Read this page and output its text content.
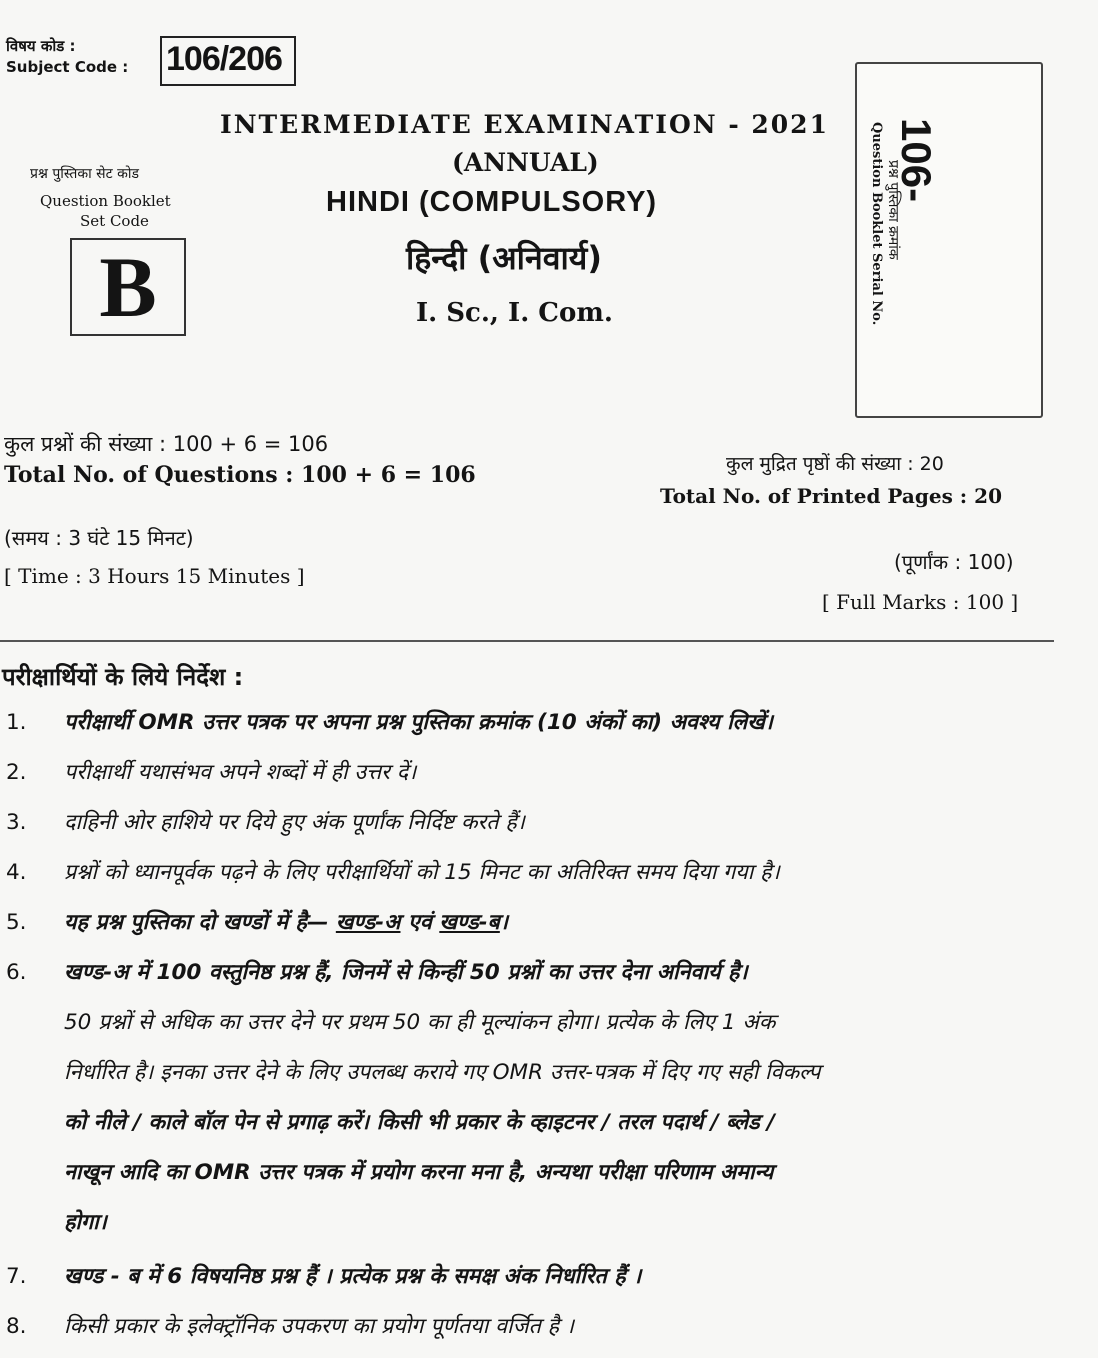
विषय कोड :
Subject Code : 106/206
INTERMEDIATE EXAMINATION - 2021
(ANNUAL)
HINDI (COMPULSORY)
हिन्दी (अनिवार्य)
I. Sc., I. Com.
प्रश्न पुस्तिका सेट कोड
Question Booklet
Set Code
B
106-
प्रश्न पुस्तिका क्रमांक
Question Booklet Serial No.
कुल प्रश्नों की संख्या : 100 + 6 = 106
Total No. of Questions : 100 + 6 = 106	कुल मुद्रित पृष्ठों की संख्या : 20
Total No. of Printed Pages : 20
(समय : 3 घंटे 15 मिनट)
[ Time : 3 Hours 15 Minutes ]
(पूर्णांक : 100)
[ Full Marks : 100 ]
परीक्षार्थियों के लिये निर्देश :
1. परीक्षार्थी OMR उत्तर पत्रक पर अपना प्रश्न पुस्तिका क्रमांक (10 अंकों का) अवश्य लिखें।
2. परीक्षार्थी यथासंभव अपने शब्दों में ही उत्तर दें।
3. दाहिनी ओर हाशिये पर दिये हुए अंक पूर्णांक निर्दिष्ट करते हैं।
4. प्रश्नों को ध्यानपूर्वक पढ़ने के लिए परीक्षार्थियों को 15 मिनट का अतिरिक्त समय दिया गया है।
5. यह प्रश्न पुस्तिका दो खण्डों में है— खण्ड-अ एवं खण्ड-ब।
6. खण्ड-अ में 100 वस्तुनिष्ठ प्रश्न हैं, जिनमें से किन्हीं 50 प्रश्नों का उत्तर देना अनिवार्य है।
50 प्रश्नों से अधिक का उत्तर देने पर प्रथम 50 का ही मूल्यांकन होगा। प्रत्येक के लिए 1 अंक
निर्धारित है। इनका उत्तर देने के लिए उपलब्ध कराये गए OMR उत्तर-पत्रक में दिए गए सही विकल्प
को नीले / काले बॉल पेन से प्रगाढ़ करें। किसी भी प्रकार के व्हाइटनर / तरल पदार्थ / ब्लेड /
नाखून आदि का OMR उत्तर पत्रक में प्रयोग करना मना है, अन्यथा परीक्षा परिणाम अमान्य
होगा।
7. खण्ड - ब में 6 विषयनिष्ठ प्रश्न हैं । प्रत्येक प्रश्न के समक्ष अंक निर्धारित हैं ।
8. किसी प्रकार के इलेक्ट्रॉनिक उपकरण का प्रयोग पूर्णतया वर्जित है ।
